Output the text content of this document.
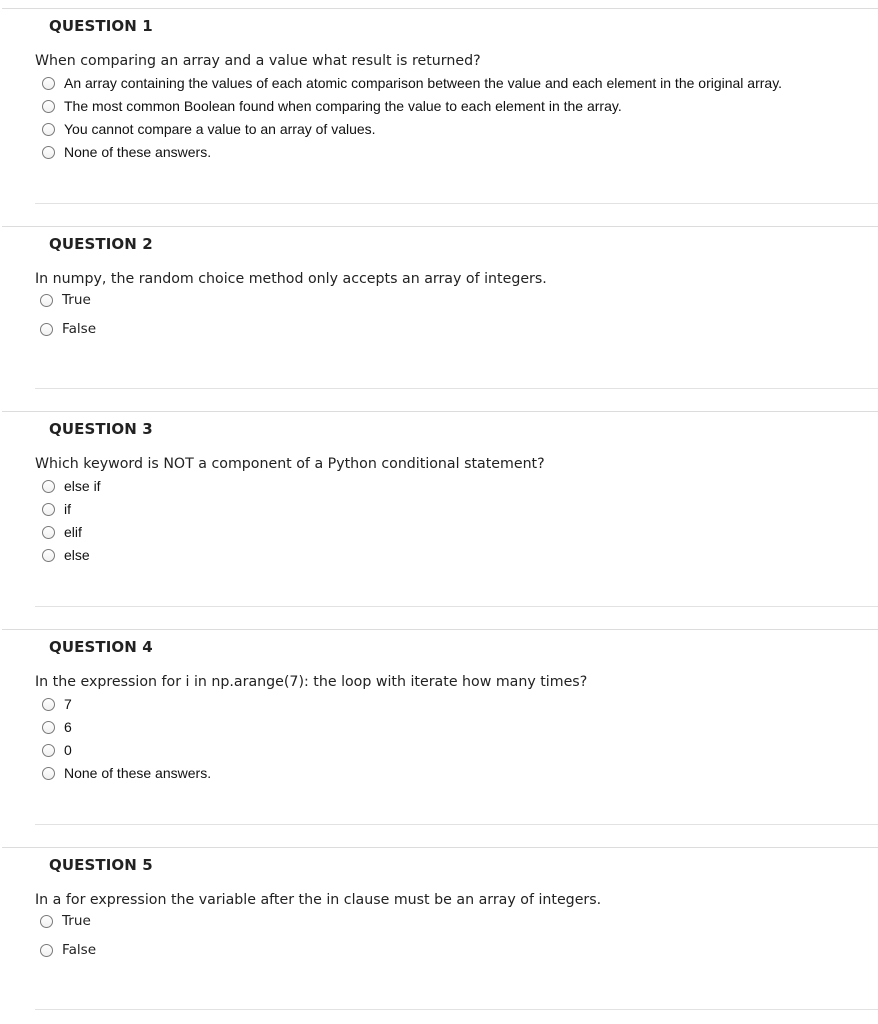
QUESTION 1
When comparing an array and a value what result is returned?
An array containing the values of each atomic comparison between the value and each element in the original array.
The most common Boolean found when comparing the value to each element in the array.
You cannot compare a value to an array of values.
None of these answers.
QUESTION 2
In numpy, the random choice method only accepts an array of integers.
True
False
QUESTION 3
Which keyword is NOT a component of a Python conditional statement?
else if
if
elif
else
QUESTION 4
In the expression for i in np.arange(7): the loop with iterate how many times?
7
6
0
None of these answers.
QUESTION 5
In a for expression the variable after the in clause must be an array of integers.
True
False
